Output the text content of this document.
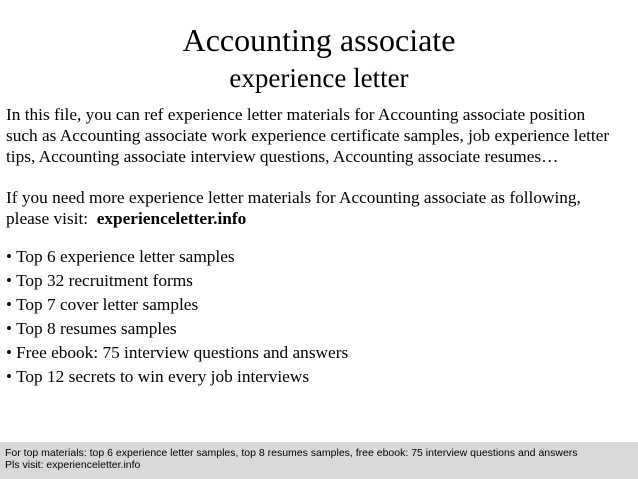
Accounting associate
experience letter
In this file, you can ref experience letter materials for Accounting associate position
such as Accounting associate work experience certificate samples, job experience letter
tips, Accounting associate interview questions, Accounting associate resumes…
If you need more experience letter materials for Accounting associate as following,
please visit:  experienceletter.info
• Top 6 experience letter samples
• Top 32 recruitment forms
• Top 7 cover letter samples
• Top 8 resumes samples
• Free ebook: 75 interview questions and answers
• Top 12 secrets to win every job interviews
For top materials: top 6 experience letter samples, top 8 resumes samples, free ebook: 75 interview questions and answers
Pls visit: experienceletter.info
